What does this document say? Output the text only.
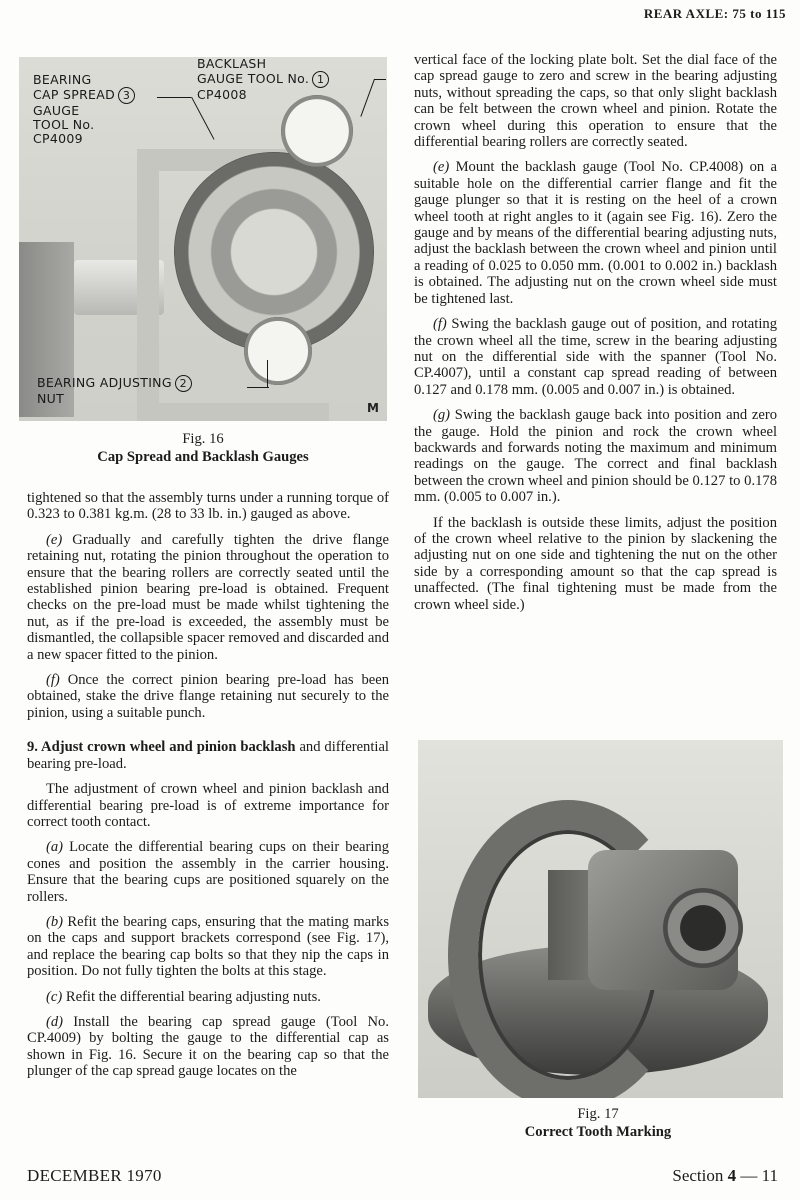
REAR AXLE: 75 to 115
BACKLASH
GAUGE TOOL No. 1
CP4008
BEARING
CAP SPREAD 3
GAUGE
TOOL No.
CP4009
BEARING ADJUSTING 2
NUT
M
Fig. 16
Cap Spread and Backlash Gauges

tightened so that the assembly turns under a running torque of 0.323 to 0.381 kg.m. (28 to 33 lb. in.) gauged as above.

(e) Gradually and carefully tighten the drive flange retaining nut, rotating the pinion throughout the operation to ensure that the bearing rollers are correctly seated until the established pinion bearing pre-load is obtained. Frequent checks on the pre-load must be made whilst tightening the nut, as if the pre-load is exceeded, the assembly must be dismantled, the collapsible spacer removed and discarded and a new spacer fitted to the pinion.

(f) Once the correct pinion bearing pre-load has been obtained, stake the drive flange retaining nut securely to the pinion, using a suitable punch.

9. Adjust crown wheel and pinion backlash and differential bearing pre-load.

The adjustment of crown wheel and pinion backlash and differential bearing pre-load is of extreme importance for correct tooth contact.

(a) Locate the differential bearing cups on their bearing cones and position the assembly in the carrier housing. Ensure that the bearing cups are positioned squarely on the rollers.

(b) Refit the bearing caps, ensuring that the mating marks on the caps and support brackets correspond (see Fig. 17), and replace the bearing cap bolts so that they nip the caps in position. Do not fully tighten the bolts at this stage.

(c) Refit the differential bearing adjusting nuts.

(d) Install the bearing cap spread gauge (Tool No. CP.4009) by bolting the gauge to the differential cap as shown in Fig. 16. Secure it on the bearing cap so that the plunger of the cap spread gauge locates on the

vertical face of the locking plate bolt. Set the dial face of the cap spread gauge to zero and screw in the bearing adjusting nuts, without spreading the caps, so that only slight backlash can be felt between the crown wheel and pinion. Rotate the crown wheel during this operation to ensure that the differential bearing rollers are correctly seated.

(e) Mount the backlash gauge (Tool No. CP.4008) on a suitable hole on the differential carrier flange and fit the gauge plunger so that it is resting on the heel of a crown wheel tooth at right angles to it (again see Fig. 16). Zero the gauge and by means of the differential bearing adjusting nuts, adjust the backlash between the crown wheel and pinion until a reading of 0.025 to 0.050 mm. (0.001 to 0.002 in.) backlash is obtained. The adjusting nut on the crown wheel side must be tightened last.

(f) Swing the backlash gauge out of position, and rotating the crown wheel all the time, screw in the bearing adjusting nut on the differential side with the spanner (Tool No. CP.4007), until a constant cap spread reading of between 0.127 and 0.178 mm. (0.005 and 0.007 in.) is obtained.

(g) Swing the backlash gauge back into position and zero the gauge. Hold the pinion and rock the crown wheel backwards and forwards noting the maximum and minimum readings on the gauge. The correct and final backlash between the crown wheel and pinion should be 0.127 to 0.178 mm. (0.005 to 0.007 in.).

If the backlash is outside these limits, adjust the position of the crown wheel relative to the pinion by slackening the adjusting nut on one side and tightening the nut on the other side by a corresponding amount so that the cap spread is unaffected. (The final tightening must be made from the crown wheel side.)

Fig. 17
Correct Tooth Marking
DECEMBER 1970	Section 4 — 11
